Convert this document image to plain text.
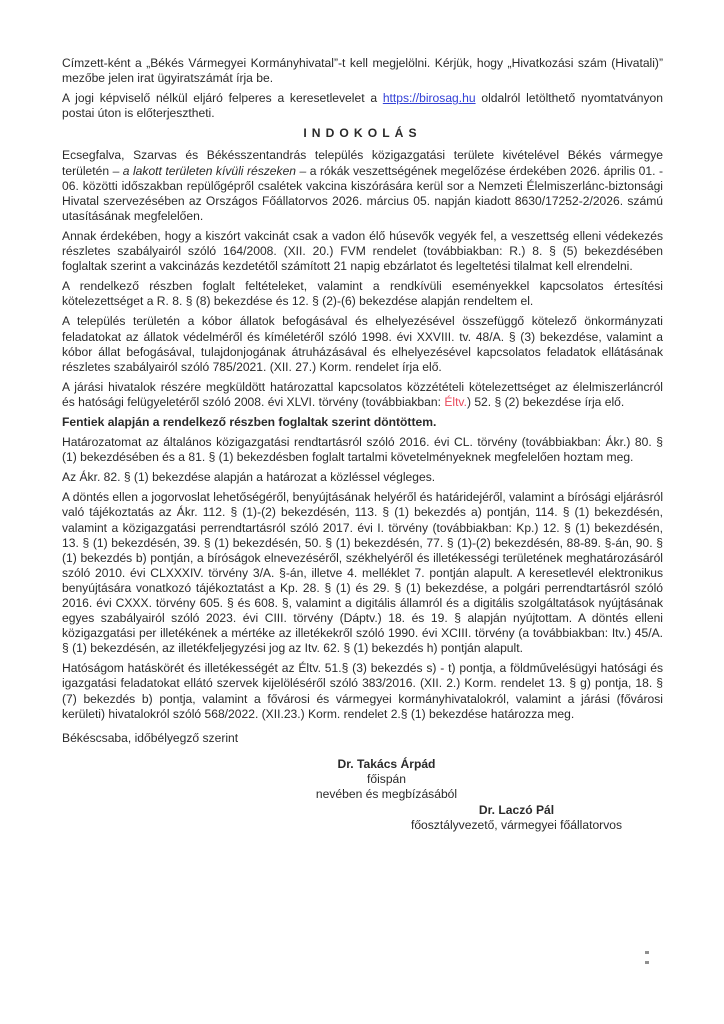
Címzett-ként a „Békés Vármegyei Kormányhivatal”-t kell megjelölni. Kérjük, hogy „Hivatkozási szám (Hivatali)” mezőbe jelen irat ügyiratszámát írja be.
A jogi képviselő nélkül eljáró felperes a keresetlevelet a https://birosag.hu oldalról letölthető nyomtatványon postai úton is előterjesztheti.
INDOKOLÁS
Ecsegfalva, Szarvas és Békésszentandrás település közigazgatási területe kivételével Békés vármegye területén – a lakott területen kívüli részeken – a rókák veszettségének megelőzése érdekében 2026. április 01. - 06. közötti időszakban repülőgépről csalétek vakcina kiszórására kerül sor a Nemzeti Élelmiszerlánc-biztonsági Hivatal szervezésében az Országos Főállatorvos 2026. március 05. napján kiadott 8630/17252-2/2026. számú utasításának megfelelően.
Annak érdekében, hogy a kiszórt vakcinát csak a vadon élő húsevők vegyék fel, a veszettség elleni védekezés részletes szabályairól szóló 164/2008. (XII. 20.) FVM rendelet (továbbiakban: R.) 8. § (5) bekezdésében foglaltak szerint a vakcinázás kezdetétől számított 21 napig ebzárlatot és legeltetési tilalmat kell elrendelni.
A rendelkező részben foglalt feltételeket, valamint a rendkívüli eseményekkel kapcsolatos értesítési kötelezettséget a R. 8. § (8) bekezdése és 12. § (2)-(6) bekezdése alapján rendeltem el.
A település területén a kóbor állatok befogásával és elhelyezésével összefüggő kötelező önkormányzati feladatokat az állatok védelméről és kíméletéről szóló 1998. évi XXVIII. tv. 48/A. § (3) bekezdése, valamint a kóbor állat befogásával, tulajdonjogának átruházásával és elhelyezésével kapcsolatos feladatok ellátásának részletes szabályairól szóló 785/2021. (XII. 27.) Korm. rendelet írja elő.
A járási hivatalok részére megküldött határozattal kapcsolatos közzétételi kötelezettséget az élelmiszerláncról és hatósági felügyeletéről szóló 2008. évi XLVI. törvény (továbbiakban: Éltv.) 52. § (2) bekezdése írja elő.
Fentiek alapján a rendelkező részben foglaltak szerint döntöttem.
Határozatomat az általános közigazgatási rendtartásról szóló 2016. évi CL. törvény (továbbiakban: Ákr.) 80. § (1) bekezdésében és a 81. § (1) bekezdésben foglalt tartalmi követelményeknek megfelelően hoztam meg.
Az Ákr. 82. § (1) bekezdése alapján a határozat a közléssel végleges.
A döntés ellen a jogorvoslat lehetőségéről, benyújtásának helyéről és határidejéről, valamint a bírósági eljárásról való tájékoztatás az Ákr. 112. § (1)-(2) bekezdésén, 113. § (1) bekezdés a) pontján, 114. § (1) bekezdésén, valamint a közigazgatási perrendtartásról szóló 2017. évi I. törvény (továbbiakban: Kp.) 12. § (1) bekezdésén, 13. § (1) bekezdésén, 39. § (1) bekezdésén, 50. § (1) bekezdésén, 77. § (1)-(2) bekezdésén, 88-89. §-án, 90. § (1) bekezdés b) pontján, a bíróságok elnevezéséről, székhelyéről és illetékességi területének meghatározásáról szóló 2010. évi CLXXXIV. törvény 3/A. §-án, illetve 4. melléklet 7. pontján alapult. A keresetlevél elektronikus benyújtására vonatkozó tájékoztatást a Kp. 28. § (1) és 29. § (1) bekezdése, a polgári perrendtartásról szóló 2016. évi CXXX. törvény 605. § és 608. §, valamint a digitális államról és a digitális szolgáltatások nyújtásának egyes szabályairól szóló 2023. évi CIII. törvény (Dáptv.) 18. és 19. § alapján nyújtottam. A döntés elleni közigazgatási per illetékének a mértéke az illetékekről szóló 1990. évi XCIII. törvény (a továbbiakban: Itv.) 45/A. § (1) bekezdésén, az illetékfeljegyzési jog az Itv. 62. § (1) bekezdés h) pontján alapult.
Hatóságom hatáskörét és illetékességét az Éltv. 51.§ (3) bekezdés s) - t) pontja, a földművelésügyi hatósági és igazgatási feladatokat ellátó szervek kijelöléséről szóló 383/2016. (XII. 2.) Korm. rendelet 13. § g) pontja, 18. § (7) bekezdés b) pontja, valamint a fővárosi és vármegyei kormányhivatalokról, valamint a járási (fővárosi kerületi) hivatalokról szóló 568/2022. (XII.23.) Korm. rendelet 2.§ (1) bekezdése határozza meg.
Békéscsaba, időbélyegző szerint
Dr. Takács Árpád
főispán
nevében és megbízásából
Dr. Laczó Pál
főosztályvezető, vármegyei főállatorvos
